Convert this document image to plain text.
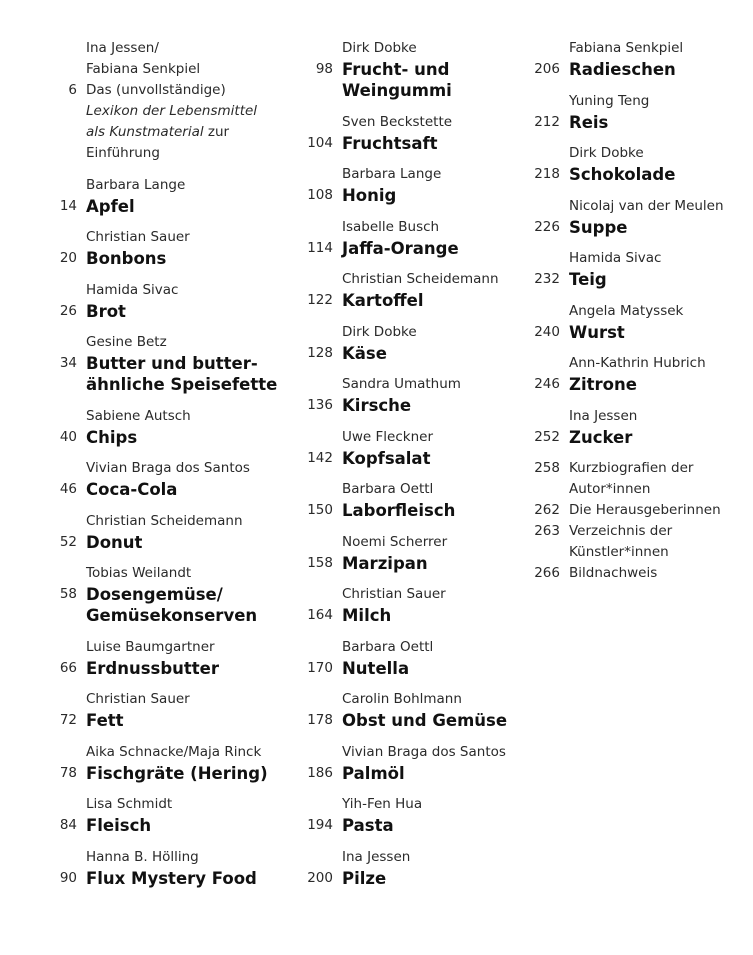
Ina Jessen/
Fabiana Senkpiel
6 Das (unvollständige)
Lexikon der Lebensmittel
als Kunstmaterial zur
Einführung
Barbara Lange
14 Apfel
Christian Sauer
20 Bonbons
Hamida Sivac
26 Brot
Gesine Betz
34 Butter und butter-
ähnliche Speisefette
Sabiene Autsch
40 Chips
Vivian Braga dos Santos
46 Coca-Cola
Christian Scheidemann
52 Donut
Tobias Weilandt
58 Dosengemüse/
Gemüsekonserven
Luise Baumgartner
66 Erdnussbutter
Christian Sauer
72 Fett
Aika Schnacke/Maja Rinck
78 Fischgräte (Hering)
Lisa Schmidt
84 Fleisch
Hanna B. Hölling
90 Flux Mystery Food
Dirk Dobke
98 Frucht- und
Weingummi
Sven Beckstette
104 Fruchtsaft
Barbara Lange
108 Honig
Isabelle Busch
114 Jaffa-Orange
Christian Scheidemann
122 Kartoffel
Dirk Dobke
128 Käse
Sandra Umathum
136 Kirsche
Uwe Fleckner
142 Kopfsalat
Barbara Oettl
150 Laborfleisch
Noemi Scherrer
158 Marzipan
Christian Sauer
164 Milch
Barbara Oettl
170 Nutella
Carolin Bohlmann
178 Obst und Gemüse
Vivian Braga dos Santos
186 Palmöl
Yih-Fen Hua
194 Pasta
Ina Jessen
200 Pilze
Fabiana Senkpiel
206 Radieschen
Yuning Teng
212 Reis
Dirk Dobke
218 Schokolade
Nicolaj van der Meulen
226 Suppe
Hamida Sivac
232 Teig
Angela Matyssek
240 Wurst
Ann-Kathrin Hubrich
246 Zitrone
Ina Jessen
252 Zucker
258 Kurzbiografien der
Autor*innen
262 Die Herausgeberinnen
263 Verzeichnis der
Künstler*innen
266 Bildnachweis
